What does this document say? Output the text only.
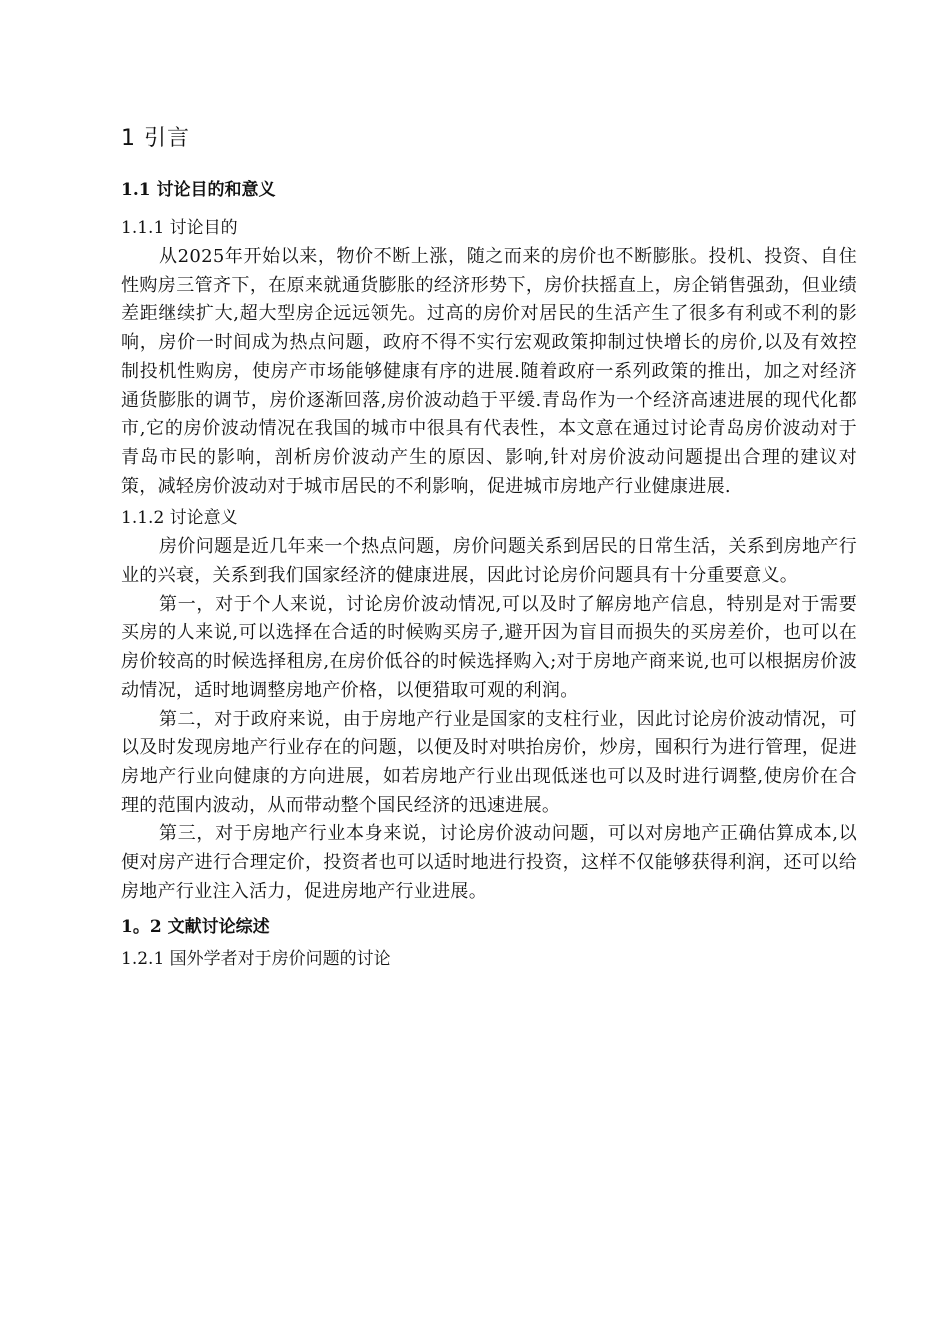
1 引言
1.1 讨论目的和意义
1.1.1 讨论目的

从2025年开始以来，物价不断上涨，随之而来的房价也不断膨胀。投机、投资、自住性购房三管齐下，在原来就通货膨胀的经济形势下，房价扶摇直上，房企销售强劲，但业绩差距继续扩大,超大型房企远远领先。过高的房价对居民的生活产生了很多有利或不利的影响，房价一时间成为热点问题，政府不得不实行宏观政策抑制过快增长的房价,以及有效控制投机性购房，使房产市场能够健康有序的进展.随着政府一系列政策的推出，加之对经济通货膨胀的调节，房价逐渐回落,房价波动趋于平缓.青岛作为一个经济高速进展的现代化都市,它的房价波动情况在我国的城市中很具有代表性，本文意在通过讨论青岛房价波动对于青岛市民的影响，剖析房价波动产生的原因、影响,针对房价波动问题提出合理的建议对策，减轻房价波动对于城市居民的不利影响，促进城市房地产行业健康进展.

1.1.2 讨论意义

房价问题是近几年来一个热点问题，房价问题关系到居民的日常生活，关系到房地产行业的兴衰，关系到我们国家经济的健康进展，因此讨论房价问题具有十分重要意义。

第一，对于个人来说，讨论房价波动情况,可以及时了解房地产信息，特别是对于需要买房的人来说,可以选择在合适的时候购买房子,避开因为盲目而损失的买房差价，也可以在房价较高的时候选择租房,在房价低谷的时候选择购入;对于房地产商来说,也可以根据房价波动情况，适时地调整房地产价格，以便猎取可观的利润。

第二，对于政府来说，由于房地产行业是国家的支柱行业，因此讨论房价波动情况，可以及时发现房地产行业存在的问题，以便及时对哄抬房价，炒房，囤积行为进行管理，促进房地产行业向健康的方向进展，如若房地产行业出现低迷也可以及时进行调整,使房价在合理的范围内波动，从而带动整个国民经济的迅速进展。

第三，对于房地产行业本身来说，讨论房价波动问题，可以对房地产正确估算成本,以便对房产进行合理定价，投资者也可以适时地进行投资，这样不仅能够获得利润，还可以给房地产行业注入活力，促进房地产行业进展。

1。2 文献讨论综述
1.2.1 国外学者对于房价问题的讨论
